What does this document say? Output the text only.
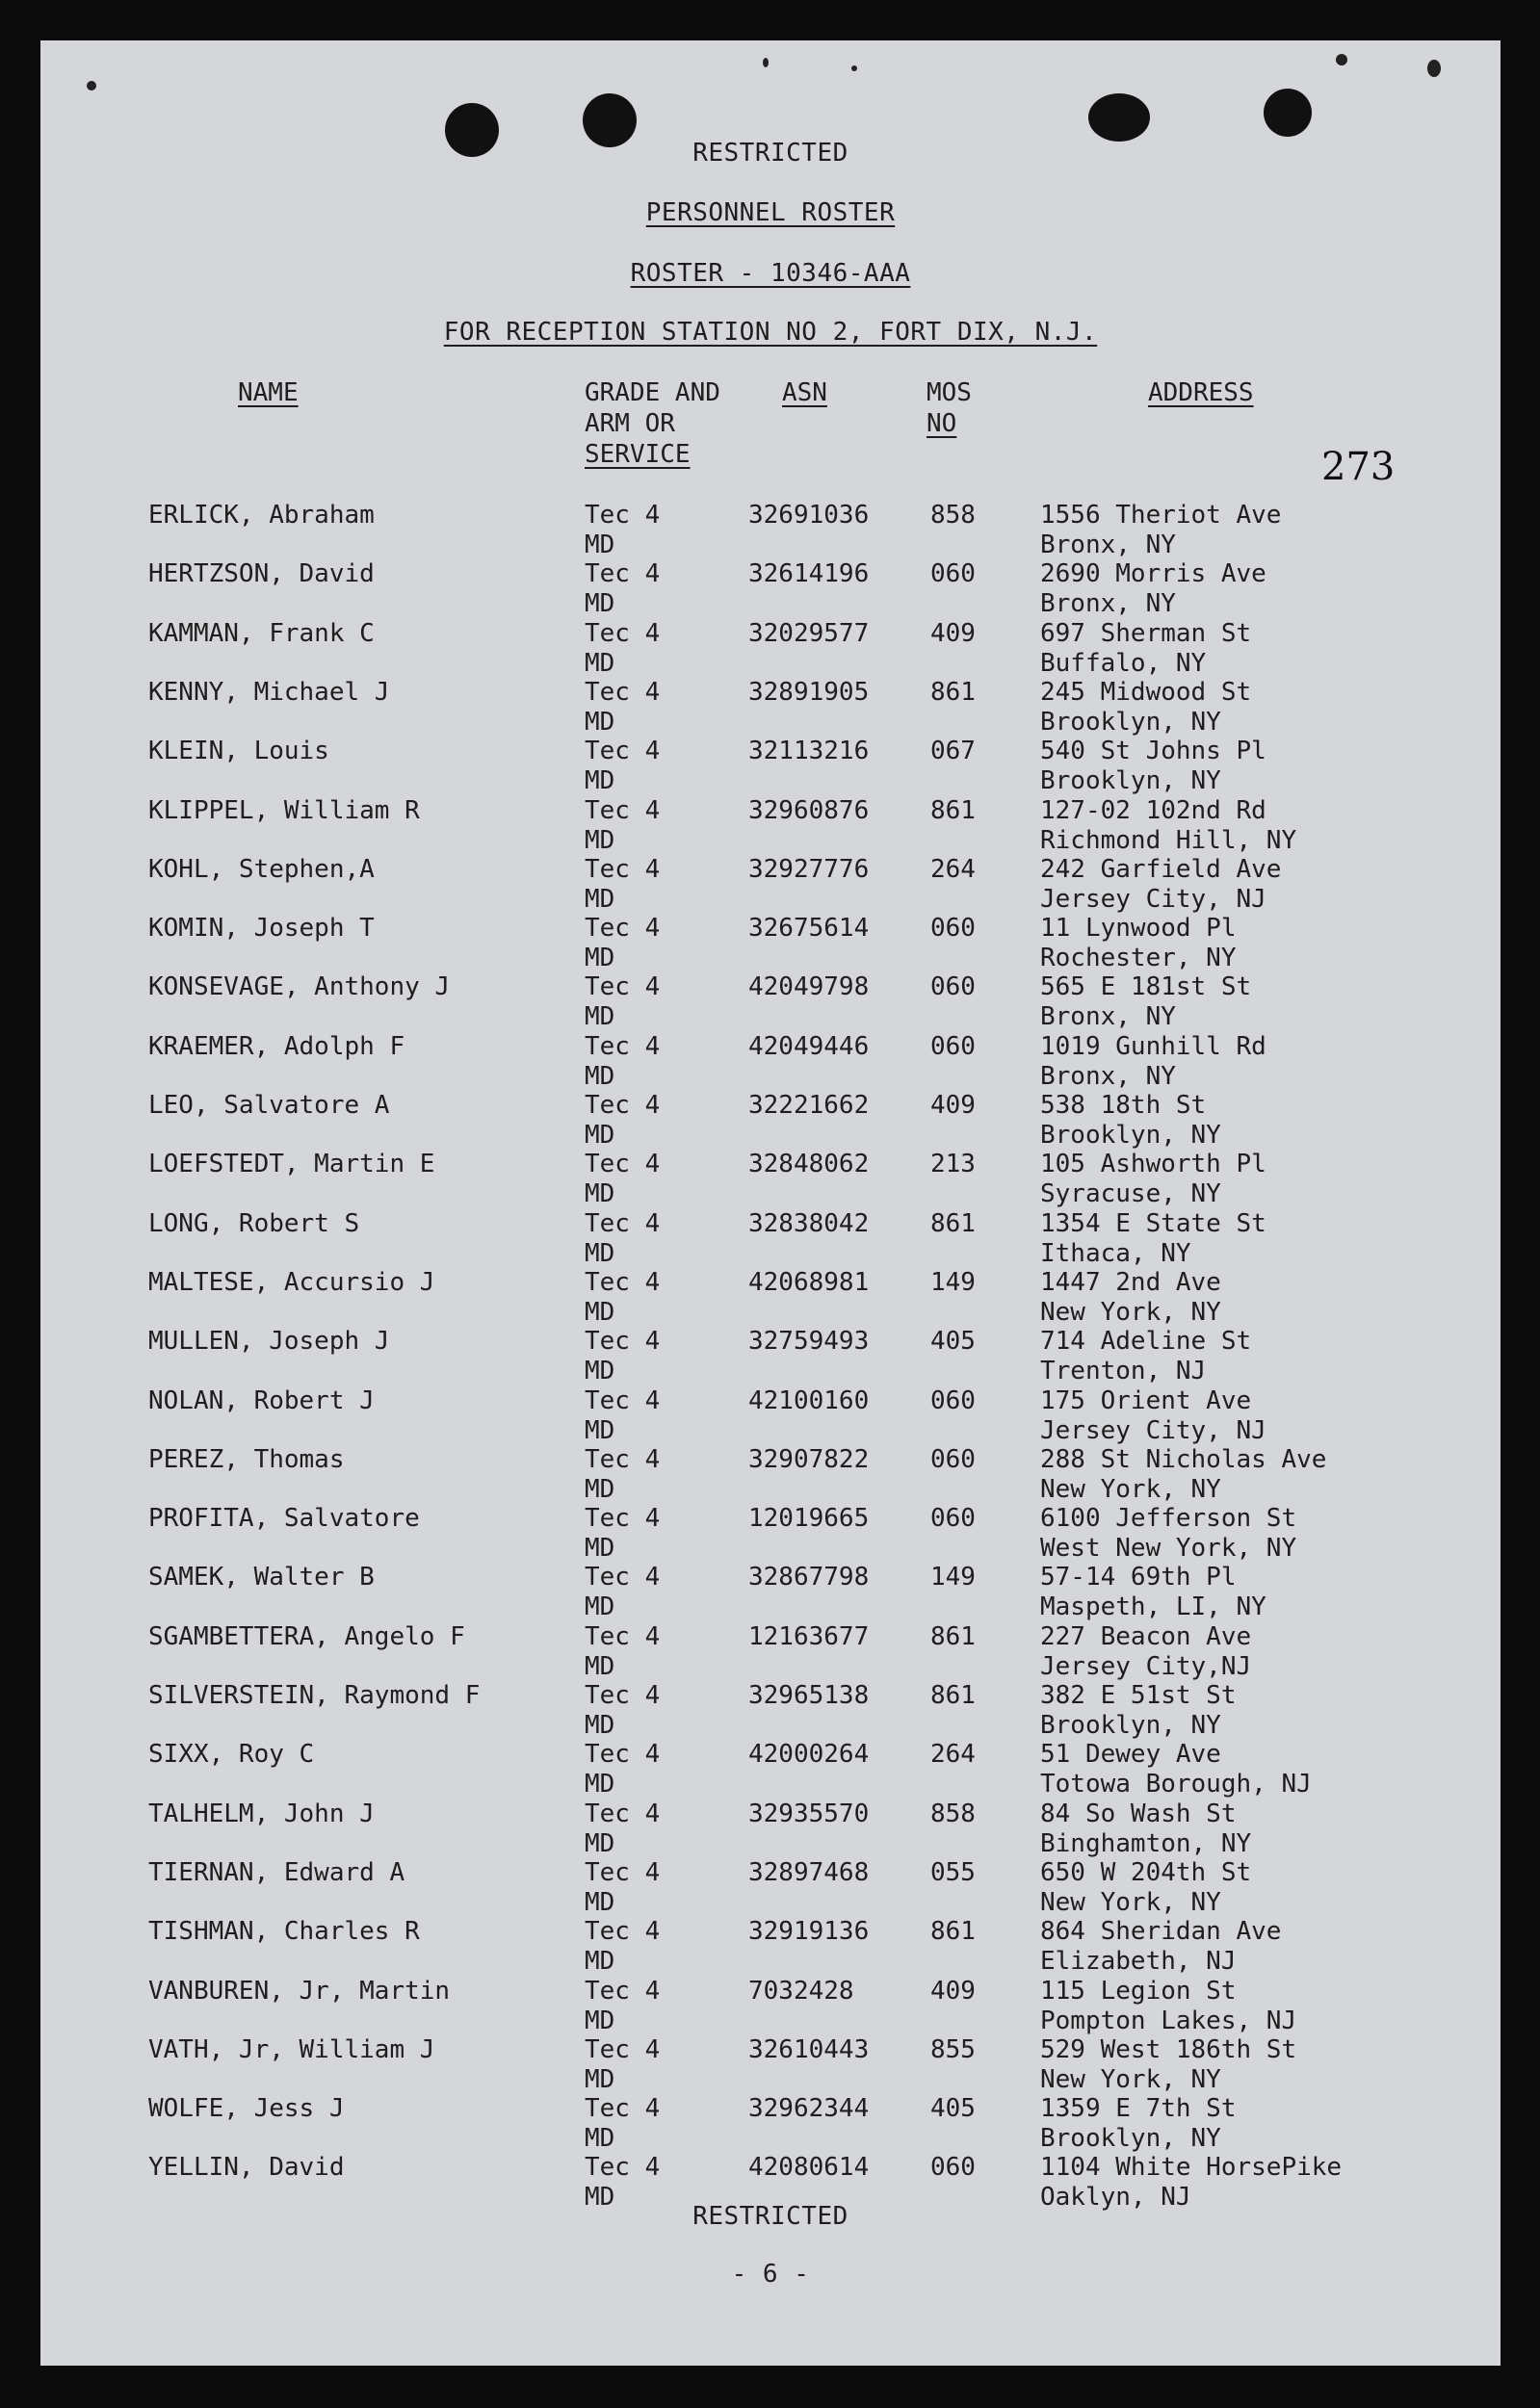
RESTRICTED
PERSONNEL ROSTER
ROSTER - 10346-AAA
FOR RECEPTION STATION NO 2, FORT DIX, N.J.
NAME	GRADE AND
ARM OR
SERVICE
ASN	MOS
NO
ADDRESS
273
ERLICK, Abraham	Tec 4
MD
32691036 858	1556 Theriot Ave
Bronx, NY
HERTZSON, David	Tec 4
MD
32614196 060	2690 Morris Ave
Bronx, NY
KAMMAN, Frank C	Tec 4
MD
32029577 409	697 Sherman St
Buffalo, NY
KENNY, Michael J	Tec 4
MD
32891905 861	245 Midwood St
Brooklyn, NY
KLEIN, Louis	Tec 4
MD
32113216 067	540 St Johns Pl
Brooklyn, NY
KLIPPEL, William R	Tec 4
MD
32960876 861	127-02 102nd Rd
Richmond Hill, NY
KOHL, Stephen,A	Tec 4
MD
32927776 264	242 Garfield Ave
Jersey City, NJ
KOMIN, Joseph T	Tec 4
MD
32675614 060	11 Lynwood Pl
Rochester, NY
KONSEVAGE, Anthony J	Tec 4
MD
42049798 060	565 E 181st St
Bronx, NY
KRAEMER, Adolph F	Tec 4
MD
42049446 060	1019 Gunhill Rd
Bronx, NY
LEO, Salvatore A	Tec 4
MD
32221662 409	538 18th St
Brooklyn, NY
LOEFSTEDT, Martin E	Tec 4
MD
32848062 213	105 Ashworth Pl
Syracuse, NY
LONG, Robert S	Tec 4
MD
32838042 861	1354 E State St
Ithaca, NY
MALTESE, Accursio J	Tec 4
MD
42068981 149	1447 2nd Ave
New York, NY
MULLEN, Joseph J	Tec 4
MD
32759493 405	714 Adeline St
Trenton, NJ
NOLAN, Robert J	Tec 4
MD
42100160 060	175 Orient Ave
Jersey City, NJ
PEREZ, Thomas	Tec 4
MD
32907822 060	288 St Nicholas Ave
New York, NY
PROFITA, Salvatore	Tec 4
MD
12019665 060	6100 Jefferson St
West New York, NY
SAMEK, Walter B	Tec 4
MD
32867798 149	57-14 69th Pl
Maspeth, LI, NY
SGAMBETTERA, Angelo F	Tec 4
MD
12163677 861	227 Beacon Ave
Jersey City,NJ
SILVERSTEIN, Raymond F	Tec 4
MD
32965138 861	382 E 51st St
Brooklyn, NY
SIXX, Roy C	Tec 4
MD
42000264 264	51 Dewey Ave
Totowa Borough, NJ
TALHELM, John J	Tec 4
MD
32935570 858	84 So Wash St
Binghamton, NY
TIERNAN, Edward A	Tec 4
MD
32897468 055	650 W 204th St
New York, NY
TISHMAN, Charles R	Tec 4
MD
32919136 861	864 Sheridan Ave
Elizabeth, NJ
VANBUREN, Jr, Martin	Tec 4
MD
7032428	409	115 Legion St
Pompton Lakes, NJ
VATH, Jr, William J	Tec 4
MD
32610443 855	529 West 186th St
New York, NY
WOLFE, Jess J	Tec 4
MD
32962344 405	1359 E 7th St
Brooklyn, NY
YELLIN, David	Tec 4
MD
42080614 060	1104 White HorsePike
Oaklyn, NJ
RESTRICTED
- 6 -
